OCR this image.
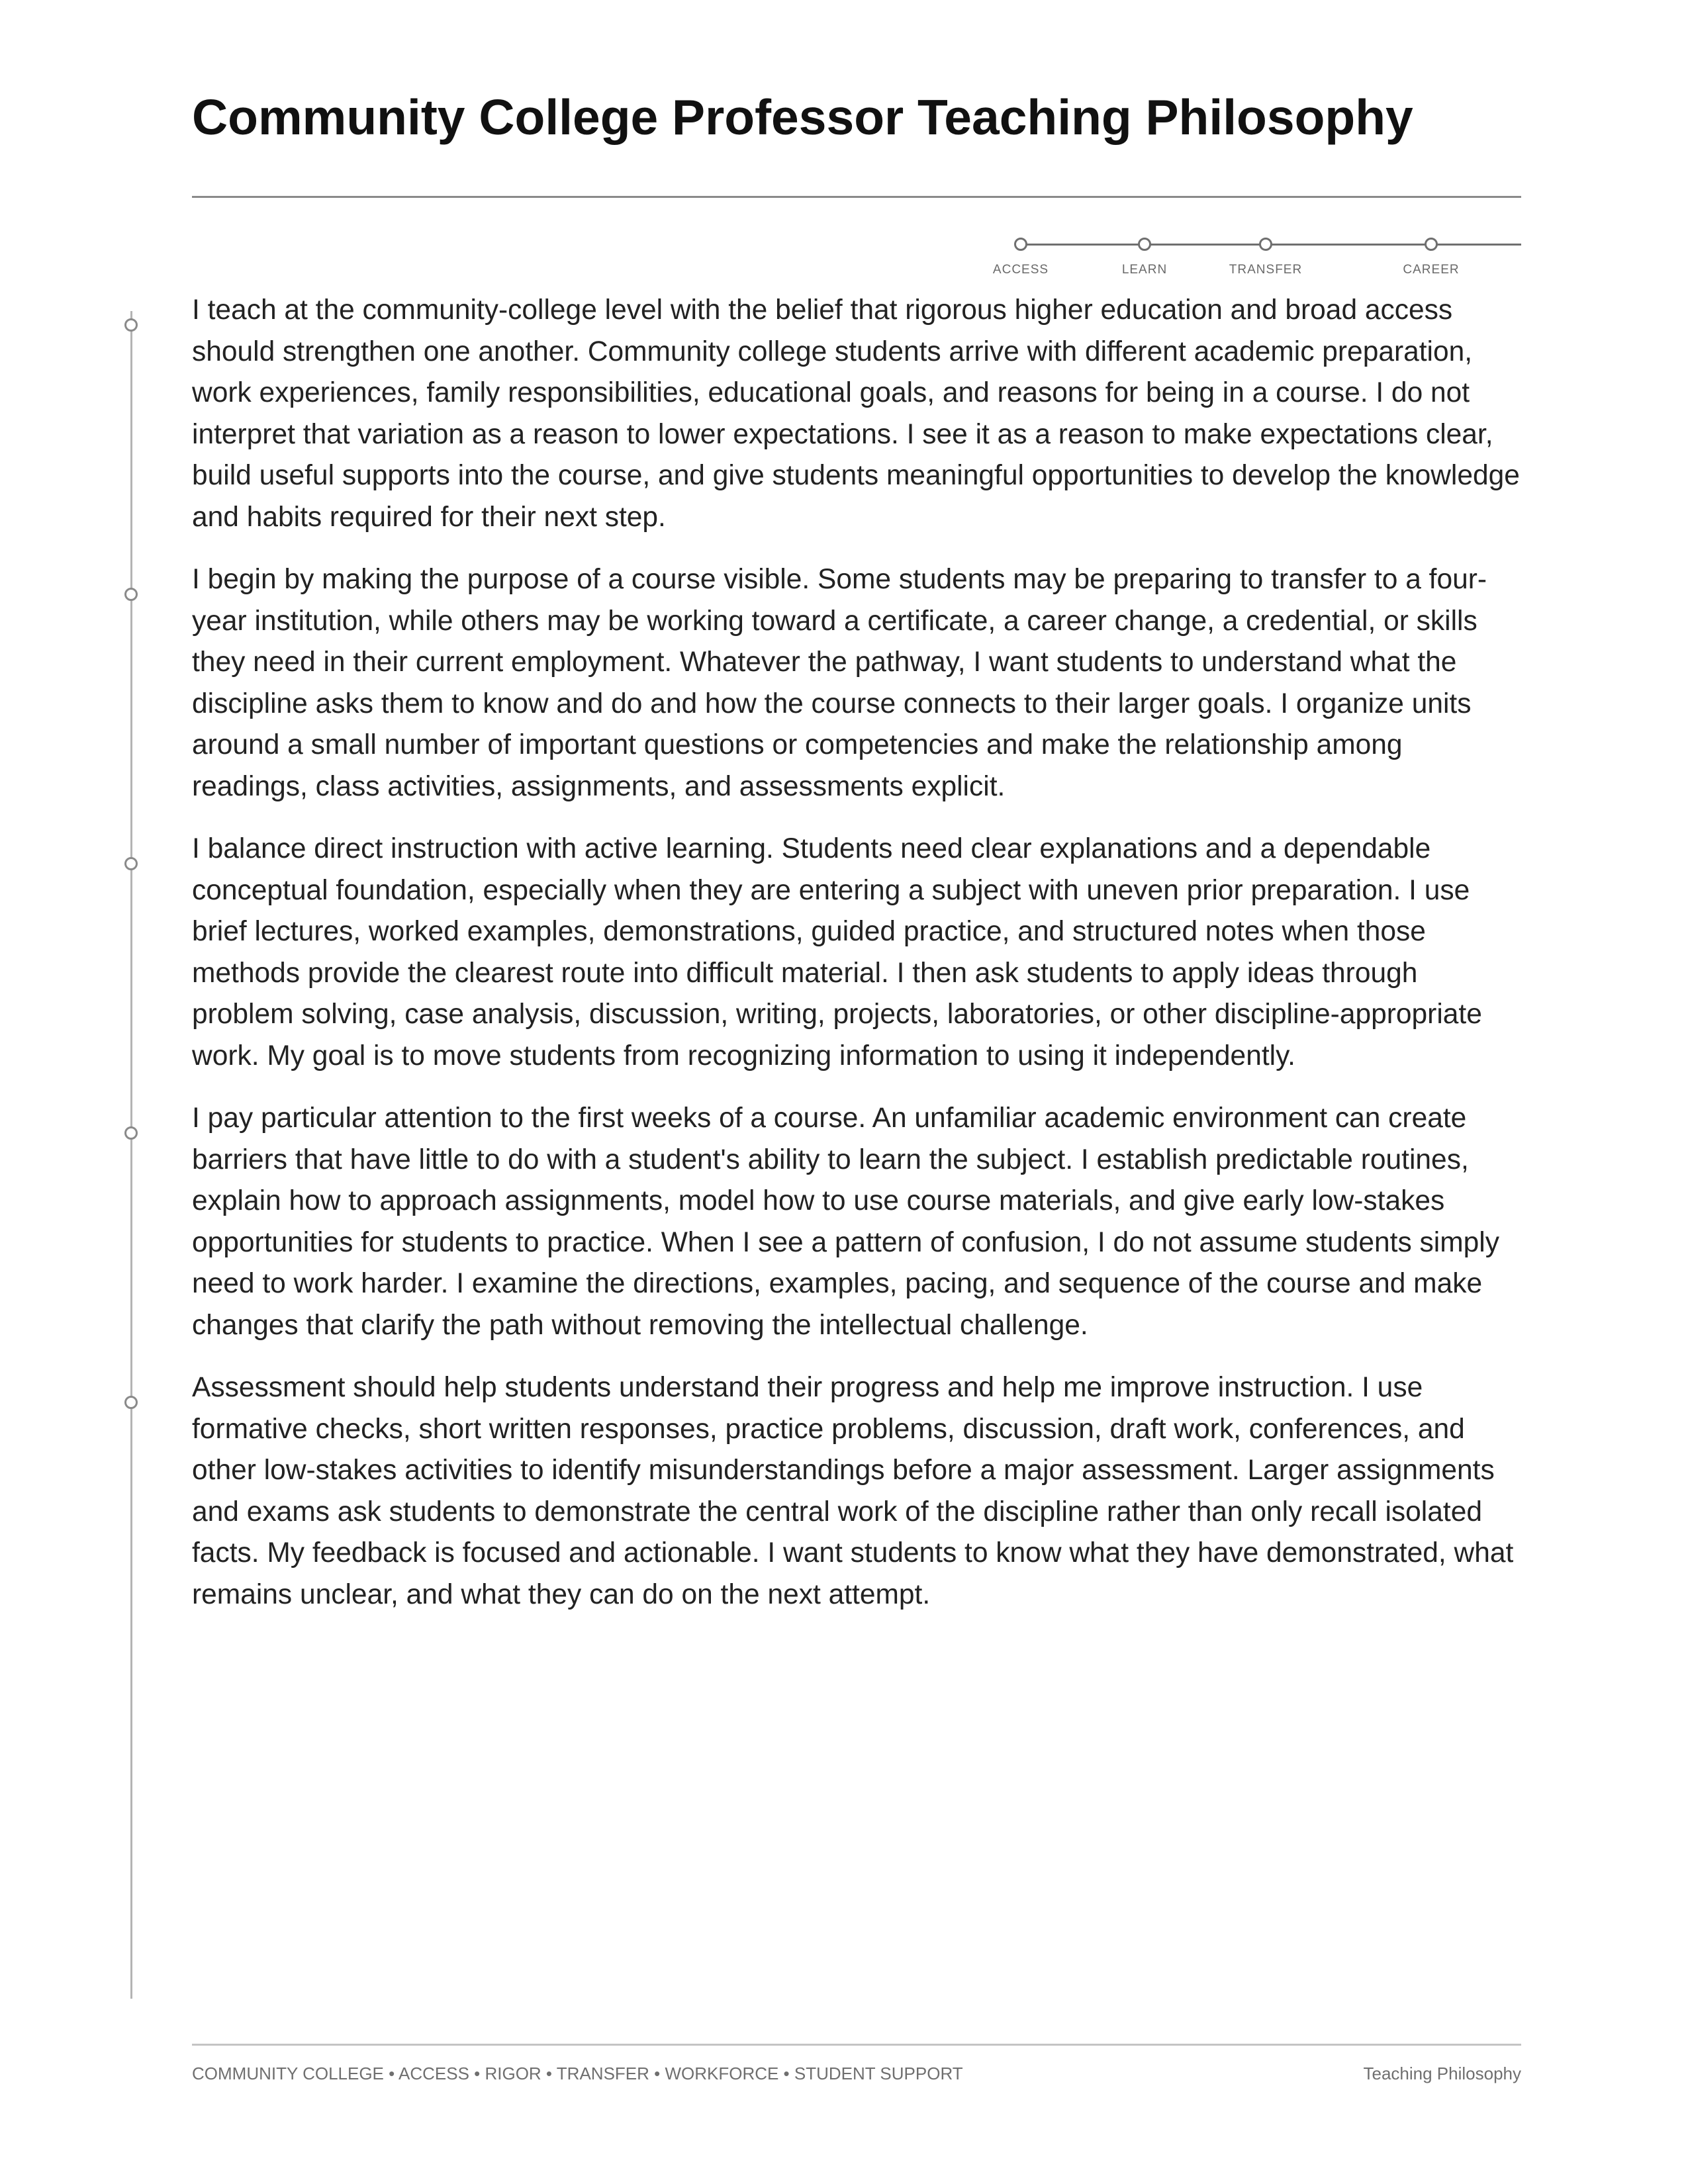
Community College Professor Teaching Philosophy
ACCESS	LEARN	TRANSFER	CAREER

I teach at the community-college level with the belief that rigorous higher education and broad access should strengthen one another. Community college students arrive with different academic preparation, work experiences, family responsibilities, educational goals, and reasons for being in a course. I do not interpret that variation as a reason to lower expectations. I see it as a reason to make expectations clear, build useful supports into the course, and give students meaningful opportunities to develop the knowledge and habits required for their next step.

I begin by making the purpose of a course visible. Some students may be preparing to transfer to a four-year institution, while others may be working toward a certificate, a career change, a credential, or skills they need in their current employment. Whatever the pathway, I want students to understand what the discipline asks them to know and do and how the course connects to their larger goals. I organize units around a small number of important questions or competencies and make the relationship among readings, class activities, assignments, and assessments explicit.

I balance direct instruction with active learning. Students need clear explanations and a dependable conceptual foundation, especially when they are entering a subject with uneven prior preparation. I use brief lectures, worked examples, demonstrations, guided practice, and structured notes when those methods provide the clearest route into difficult material. I then ask students to apply ideas through problem solving, case analysis, discussion, writing, projects, laboratories, or other discipline-appropriate work. My goal is to move students from recognizing information to using it independently.

I pay particular attention to the first weeks of a course. An unfamiliar academic environment can create barriers that have little to do with a student's ability to learn the subject. I establish predictable routines, explain how to approach assignments, model how to use course materials, and give early low-stakes opportunities for students to practice. When I see a pattern of confusion, I do not assume students simply need to work harder. I examine the directions, examples, pacing, and sequence of the course and make changes that clarify the path without removing the intellectual challenge.

Assessment should help students understand their progress and help me improve instruction. I use formative checks, short written responses, practice problems, discussion, draft work, conferences, and other low-stakes activities to identify misunderstandings before a major assessment. Larger assignments and exams ask students to demonstrate the central work of the discipline rather than only recall isolated facts. My feedback is focused and actionable. I want students to know what they have demonstrated, what remains unclear, and what they can do on the next attempt.

COMMUNITY COLLEGE • ACCESS • RIGOR • TRANSFER • WORKFORCE • STUDENT SUPPORT	Teaching Philosophy
